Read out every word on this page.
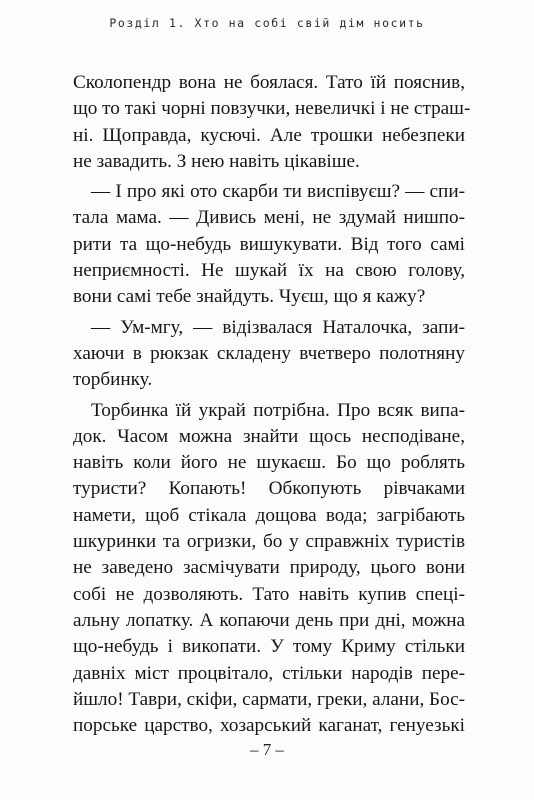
Розділ 1. Хто на собі свій дім носить
Сколопендр вона не боялася. Тато їй пояснив,
що то такі чорні повзучки, невеличкі і не страш-
ні. Щоправда, кусючі. Але трошки небезпеки
не завадить. З нею навіть цікавіше.
— І про які ото скарби ти виспівуєш? — спи-
тала мама. — Дивись мені, не здумай нишпо-
рити та що-небудь вишукувати. Від того самі
неприємності. Не шукай їх на свою голову,
вони самі тебе знайдуть. Чуєш, що я кажу?
— Ум-мгу, — відізвалася Наталочка, запи-
хаючи в рюкзак складену вчетверо полотняну
торбинку.
Торбинка їй украй потрібна. Про всяк випа-
док. Часом можна знайти щось несподіване,
навіть коли його не шукаєш. Бо що роблять
туристи? Копають! Обкопують рівчаками
намети, щоб стікала дощова вода; загрібають
шкуринки та огризки, бо у справжніх туристів
не заведено засмічувати природу, цього вони
собі не дозволяють. Тато навіть купив спеці-
альну лопатку. А копаючи день при дні, можна
що-небудь і викопати. У тому Криму стільки
давніх міст процвітало, стільки народів пере-
йшло! Таври, скіфи, сармати, греки, алани, Бос-
порське царство, хозарський каганат, генуезькі
– 7 –
